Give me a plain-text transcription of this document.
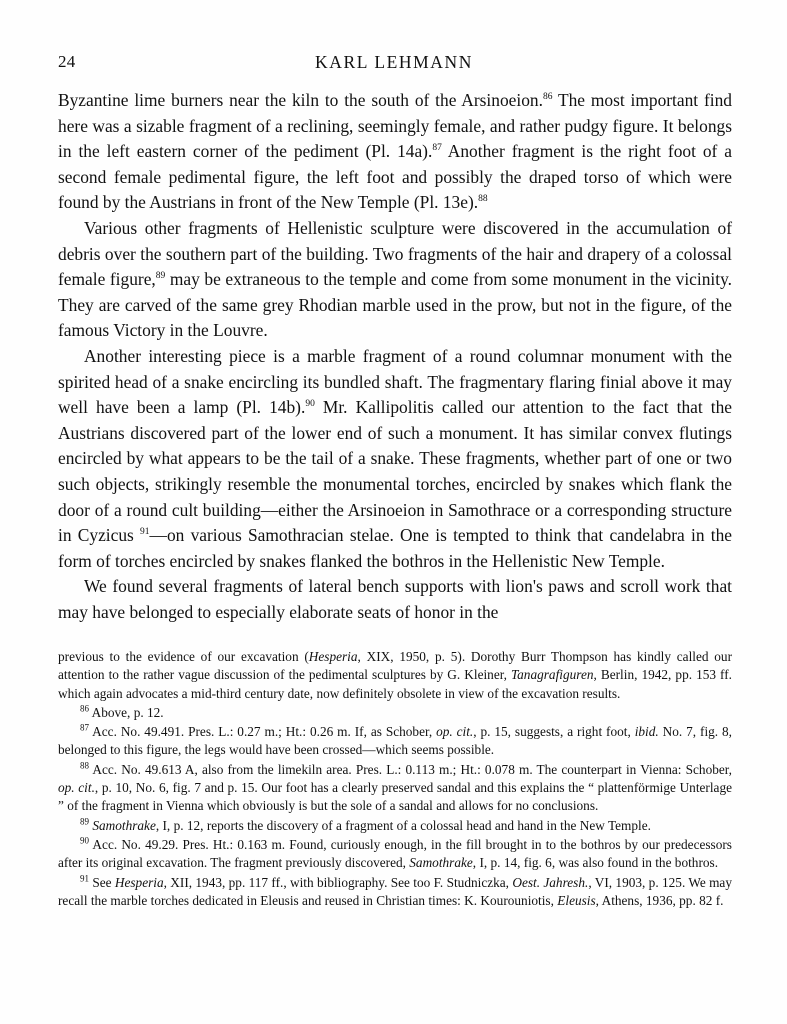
24	KARL LEHMANN

Byzantine lime burners near the kiln to the south of the Arsinoeion.$^{86}$ The most important find here was a sizable fragment of a reclining, seemingly female, and rather pudgy figure. It belongs in the left eastern corner of the pediment (Pl. 14a).$^{87}$ Another fragment is the right foot of a second female pedimental figure, the left foot and possibly the draped torso of which were found by the Austrians in front of the New Temple (Pl. 13e).$^{88}$

Various other fragments of Hellenistic sculpture were discovered in the accumulation of debris over the southern part of the building. Two fragments of the hair and drapery of a colossal female figure,$^{89}$ may be extraneous to the temple and come from some monument in the vicinity. They are carved of the same grey Rhodian marble used in the prow, but not in the figure, of the famous Victory in the Louvre.

Another interesting piece is a marble fragment of a round columnar monument with the spirited head of a snake encircling its bundled shaft. The fragmentary flaring finial above it may well have been a lamp (Pl. 14b).$^{90}$ Mr. Kallipolitis called our attention to the fact that the Austrians discovered part of the lower end of such a monument. It has similar convex flutings encircled by what appears to be the tail of a snake. These fragments, whether part of one or two such objects, strikingly resemble the monumental torches, encircled by snakes which flank the door of a round cult building—either the Arsinoeion in Samothrace or a corresponding structure in Cyzicus $^{91}$—on various Samothracian stelae. One is tempted to think that candelabra in the form of torches encircled by snakes flanked the bothros in the Hellenistic New Temple.

We found several fragments of lateral bench supports with lion's paws and scroll work that may have belonged to especially elaborate seats of honor in the

previous to the evidence of our excavation (Hesperia, XIX, 1950, p. 5). Dorothy Burr Thompson has kindly called our attention to the rather vague discussion of the pedimental sculptures by G. Kleiner, Tanagrafiguren, Berlin, 1942, pp. 153 ff. which again advocates a mid-third century date, now definitely obsolete in view of the excavation results.

$^{86}$ Above, p. 12.

$^{87}$ Acc. No. 49.491. Pres. L.: 0.27 m.; Ht.: 0.26 m. If, as Schober, op. cit., p. 15, suggests, a right foot, ibid. No. 7, fig. 8, belonged to this figure, the legs would have been crossed—which seems possible.

$^{88}$ Acc. No. 49.613 A, also from the limekiln area. Pres. L.: 0.113 m.; Ht.: 0.078 m. The counterpart in Vienna: Schober, op. cit., p. 10, No. 6, fig. 7 and p. 15. Our foot has a clearly preserved sandal and this explains the “ plattenförmige Unterlage ” of the fragment in Vienna which obviously is but the sole of a sandal and allows for no conclusions.

$^{89}$ Samothrake, I, p. 12, reports the discovery of a fragment of a colossal head and hand in the New Temple.

$^{90}$ Acc. No. 49.29. Pres. Ht.: 0.163 m. Found, curiously enough, in the fill brought in to the bothros by our predecessors after its original excavation. The fragment previously discovered, Samothrake, I, p. 14, fig. 6, was also found in the bothros.

$^{91}$ See Hesperia, XII, 1943, pp. 117 ff., with bibliography. See too F. Studniczka, Oest. Jahresh., VI, 1903, p. 125. We may recall the marble torches dedicated in Eleusis and reused in Christian times: K. Kourouniotis, Eleusis, Athens, 1936, pp. 82 f.
